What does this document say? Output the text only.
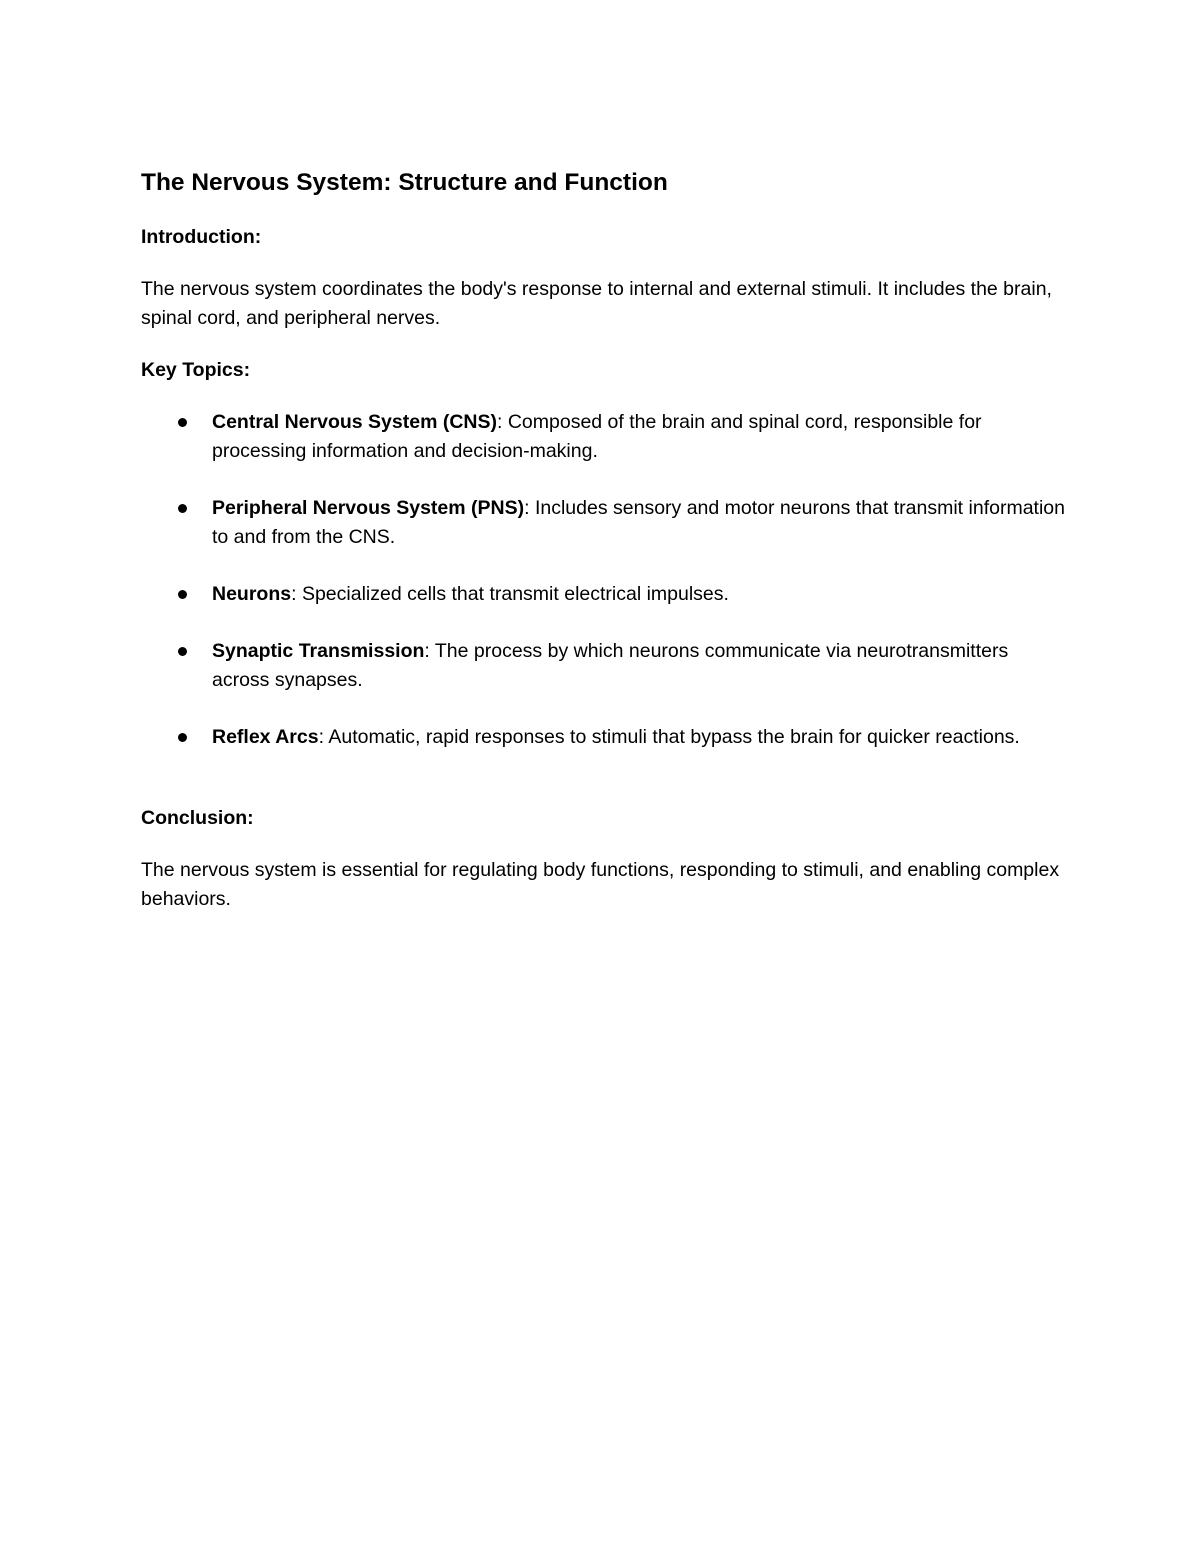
The Nervous System: Structure and Function
Introduction:

The nervous system coordinates the body's response to internal and external stimuli. It includes the brain, spinal cord, and peripheral nerves.

Key Topics:
Central Nervous System (CNS): Composed of the brain and spinal cord, responsible for processing information and decision-making.
Peripheral Nervous System (PNS): Includes sensory and motor neurons that transmit information to and from the CNS.
Neurons: Specialized cells that transmit electrical impulses.
Synaptic Transmission: The process by which neurons communicate via neurotransmitters across synapses.
Reflex Arcs: Automatic, rapid responses to stimuli that bypass the brain for quicker reactions.
Conclusion:

The nervous system is essential for regulating body functions, responding to stimuli, and enabling complex behaviors.
